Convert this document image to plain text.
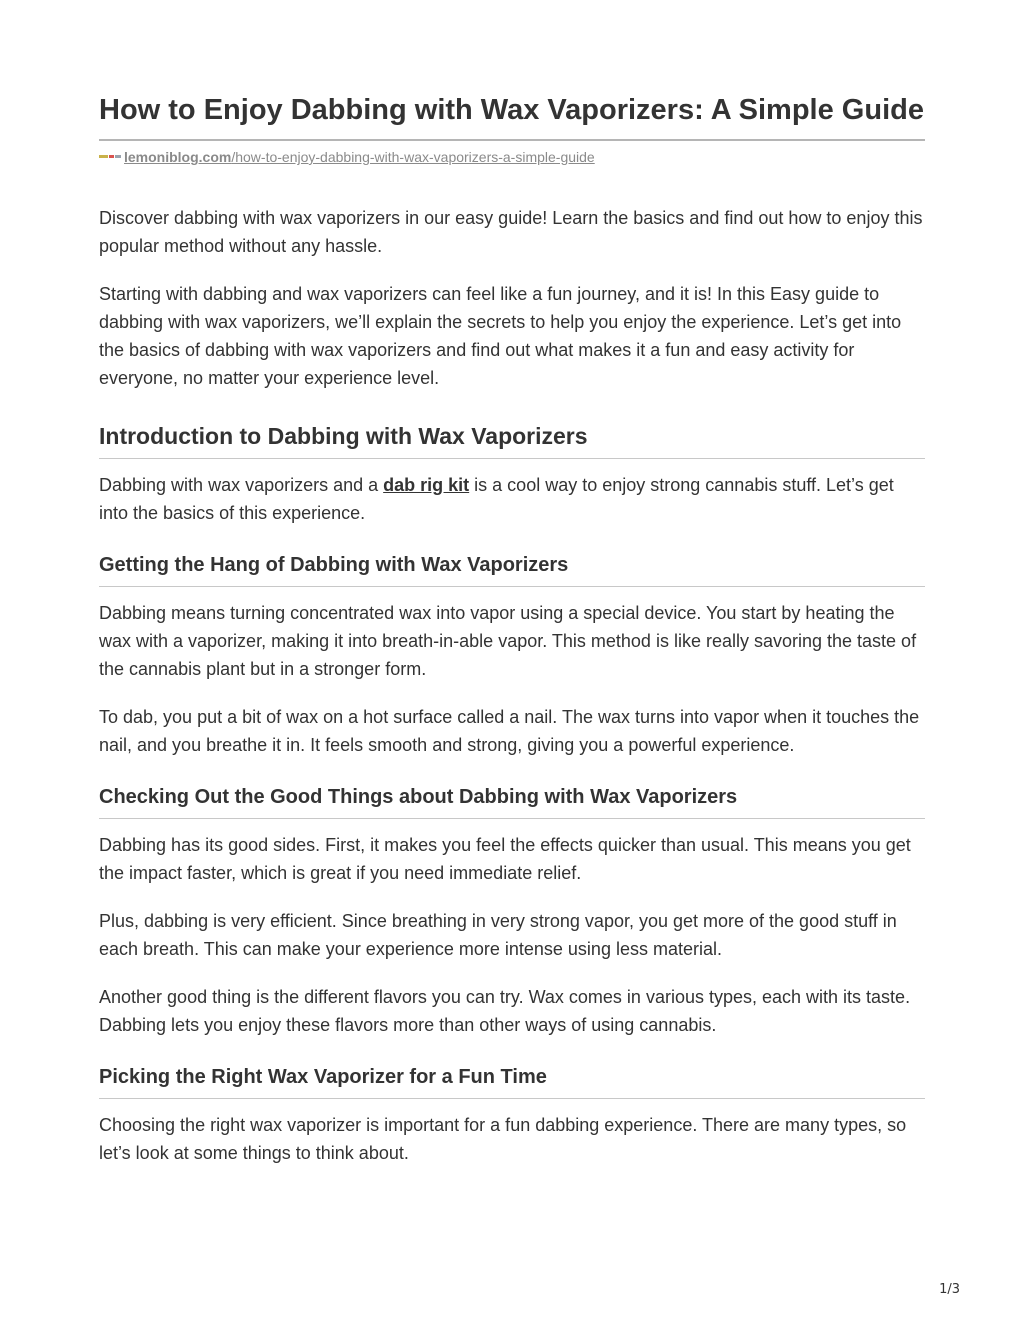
How to Enjoy Dabbing with Wax Vaporizers: A Simple Guide
lemoniblog.com/how-to-enjoy-dabbing-with-wax-vaporizers-a-simple-guide

Discover dabbing with wax vaporizers in our easy guide! Learn the basics and find out how to enjoy this popular method without any hassle.

Starting with dabbing and wax vaporizers can feel like a fun journey, and it is! In this Easy guide to dabbing with wax vaporizers, we’ll explain the secrets to help you enjoy the experience. Let’s get into the basics of dabbing with wax vaporizers and find out what makes it a fun and easy activity for everyone, no matter your experience level.

Introduction to Dabbing with Wax Vaporizers

Dabbing with wax vaporizers and a dab rig kit is a cool way to enjoy strong cannabis stuff. Let’s get into the basics of this experience.

Getting the Hang of Dabbing with Wax Vaporizers

Dabbing means turning concentrated wax into vapor using a special device. You start by heating the wax with a vaporizer, making it into breath-in-able vapor. This method is like really savoring the taste of the cannabis plant but in a stronger form.

To dab, you put a bit of wax on a hot surface called a nail. The wax turns into vapor when it touches the nail, and you breathe it in. It feels smooth and strong, giving you a powerful experience.

Checking Out the Good Things about Dabbing with Wax Vaporizers

Dabbing has its good sides. First, it makes you feel the effects quicker than usual. This means you get the impact faster, which is great if you need immediate relief.

Plus, dabbing is very efficient. Since breathing in very strong vapor, you get more of the good stuff in each breath. This can make your experience more intense using less material.

Another good thing is the different flavors you can try. Wax comes in various types, each with its taste. Dabbing lets you enjoy these flavors more than other ways of using cannabis.

Picking the Right Wax Vaporizer for a Fun Time

Choosing the right wax vaporizer is important for a fun dabbing experience. There are many types, so let’s look at some things to think about.

1/3
